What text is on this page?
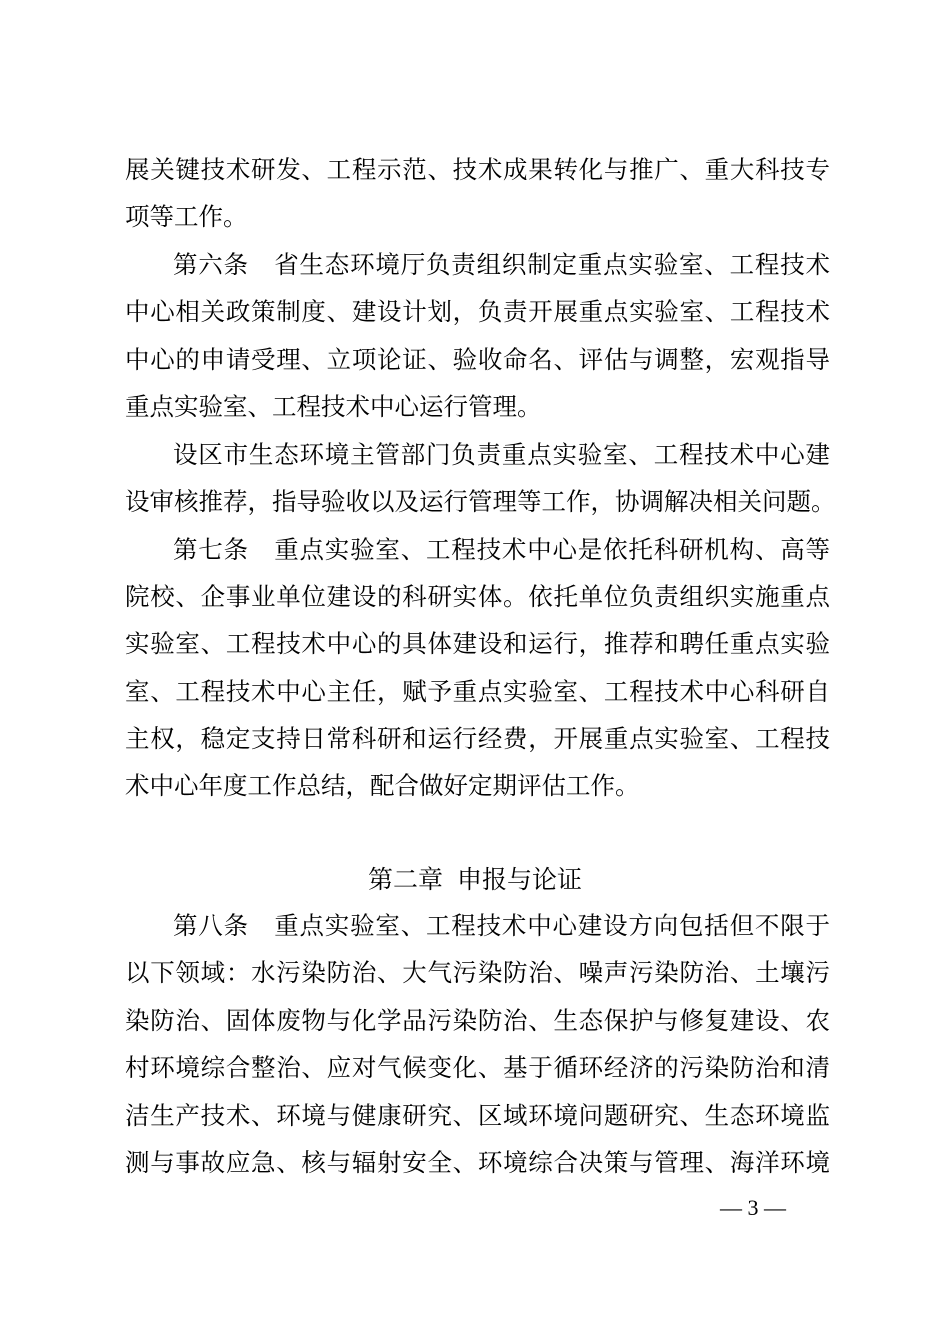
展关键技术研发、工程示范、技术成果转化与推广、重大科技专
项等工作。
第六条　省生态环境厅负责组织制定重点实验室、工程技术
中心相关政策制度、建设计划，负责开展重点实验室、工程技术
中心的申请受理、立项论证、验收命名、评估与调整，宏观指导
重点实验室、工程技术中心运行管理。
设区市生态环境主管部门负责重点实验室、工程技术中心建
设审核推荐，指导验收以及运行管理等工作，协调解决相关问题。
第七条　重点实验室、工程技术中心是依托科研机构、高等
院校、企事业单位建设的科研实体。依托单位负责组织实施重点
实验室、工程技术中心的具体建设和运行，推荐和聘任重点实验
室、工程技术中心主任，赋予重点实验室、工程技术中心科研自
主权，稳定支持日常科研和运行经费，开展重点实验室、工程技
术中心年度工作总结，配合做好定期评估工作。
第二章 申报与论证
第八条　重点实验室、工程技术中心建设方向包括但不限于
以下领域：水污染防治、大气污染防治、噪声污染防治、土壤污
染防治、固体废物与化学品污染防治、生态保护与修复建设、农
村环境综合整治、应对气候变化、基于循环经济的污染防治和清
洁生产技术、环境与健康研究、区域环境问题研究、生态环境监
测与事故应急、核与辐射安全、环境综合决策与管理、海洋环境
— 3 —
